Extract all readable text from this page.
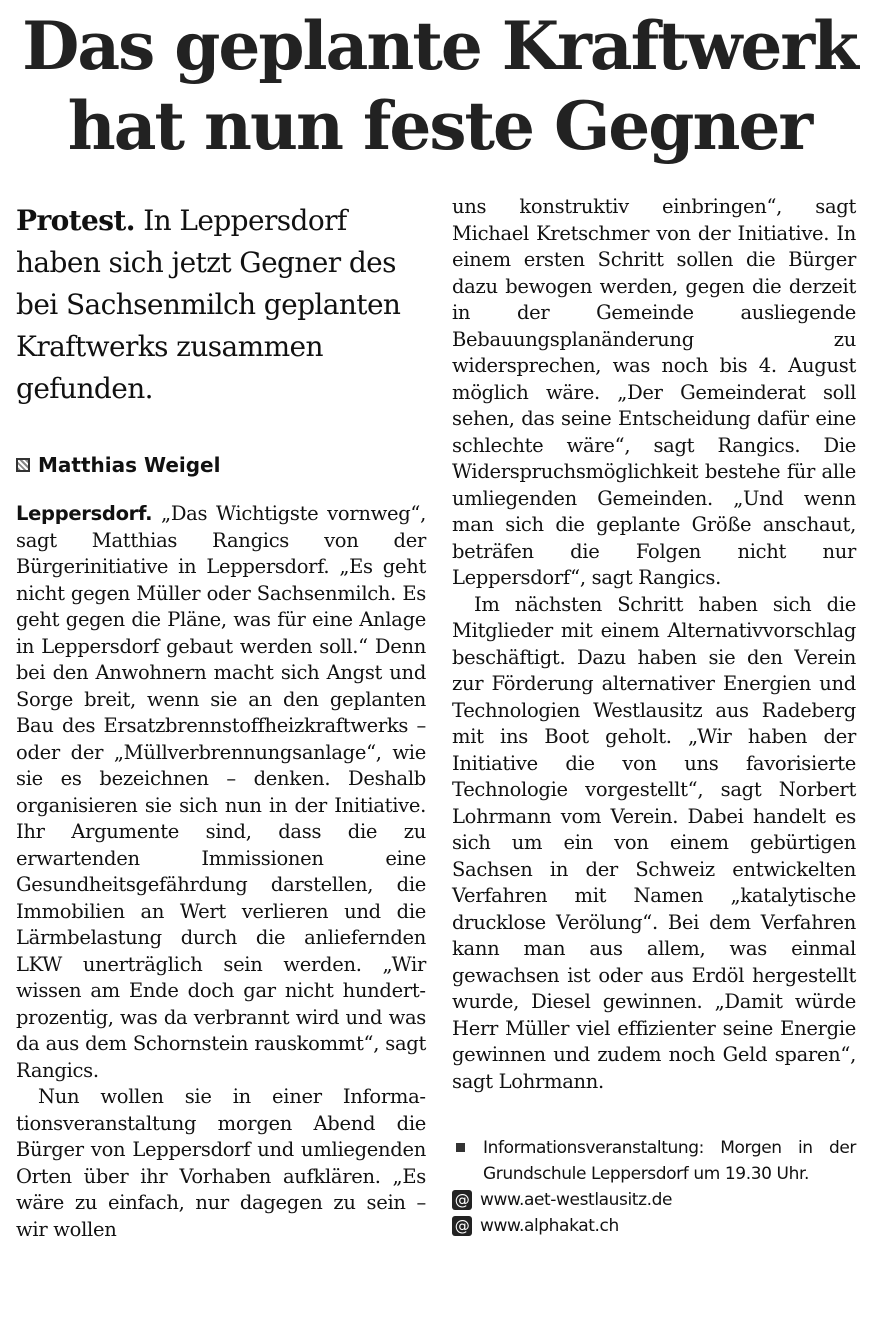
Das geplante Kraftwerk
hat nun feste Gegner

Protest. In Leppersdorf haben sich jetzt Gegner des bei Sachsenmilch geplanten Kraftwerks zusammen gefunden.

Matthias Weigel

Leppersdorf. „Das Wichtigste vornweg“, sagt Matthias Rangics von der Bürgerinitiative in Leppersdorf. „Es geht nicht gegen Müller oder Sachsenmilch. Es geht gegen die Pläne, was für eine Anlage in Leppersdorf gebaut werden soll.“ Denn bei den Anwohnern macht sich Angst und Sorge breit, wenn sie an den geplanten Bau des Ersatzbrennstoffheizkraftwerks – oder der „Müllverbrennungsanlage“, wie sie es bezeichnen – denken. Deshalb organisieren sie sich nun in der Initiative. Ihr Argumente sind, dass die zu erwartenden Immissionen eine Gesundheitsgefährdung darstellen, die Immobilien an Wert verlieren und die Lärmbelastung durch die anliefernden LKW unerträglich sein werden. „Wir wissen am Ende doch gar nicht hundertprozentig, was da verbrannt wird und was da aus dem Schornstein rauskommt“, sagt Rangics.

Nun wollen sie in einer Informationsveranstaltung morgen Abend die Bürger von Leppersdorf und umliegenden Orten über ihr Vorhaben aufklären. „Es wäre zu einfach, nur dagegen zu sein – wir wollen

uns konstruktiv einbringen“, sagt Michael Kretschmer von der Initiative. In einem ersten Schritt sollen die Bürger dazu bewogen werden, gegen die derzeit in der Gemeinde ausliegende Bebauungsplanänderung zu widersprechen, was noch bis 4. August möglich wäre. „Der Gemeinderat soll sehen, das seine Entscheidung dafür eine schlechte wäre“, sagt Rangics. Die Widerspruchsmöglichkeit bestehe für alle umliegenden Gemeinden. „Und wenn man sich die geplante Größe anschaut, beträfen die Folgen nicht nur Leppersdorf“, sagt Rangics.

Im nächsten Schritt haben sich die Mitglieder mit einem Alternativvorschlag beschäftigt. Dazu haben sie den Verein zur Förderung alternativer Energien und Technologien Westlausitz aus Radeberg mit ins Boot geholt. „Wir haben der Initiative die von uns favorisierte Technologie vorgestellt“, sagt Norbert Lohrmann vom Verein. Dabei handelt es sich um ein von einem gebürtigen Sachsen in der Schweiz entwickelten Verfahren mit Namen „katalytische drucklose Verölung“. Bei dem Verfahren kann man aus allem, was einmal gewachsen ist oder aus Erdöl hergestellt wurde, Diesel gewinnen. „Damit würde Herr Müller viel effizienter seine Energie gewinnen und zudem noch Geld sparen“, sagt Lohrmann.

Informationsveranstaltung: Morgen in der Grundschule Leppersdorf um 19.30 Uhr.
@ www.aet-westlausitz.de
@ www.alphakat.ch
